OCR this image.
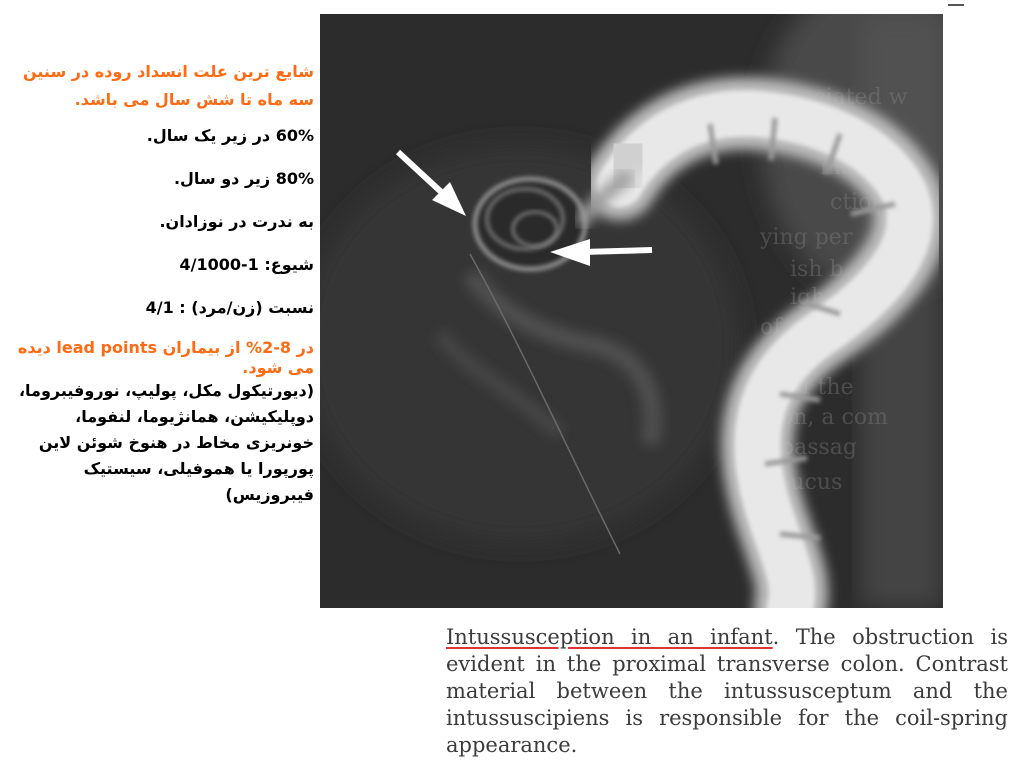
شایع ترین علت انسداد روده در سنین سه ماه تا شش سال می باشد.

60% در زیر یک سال.

80% زیر دو سال.

به ندرت در نوزادان.

شیوع: 1-4/1000

نسبت (زن/مرد) : 4/1

در 8-2% از بیماران lead points دیده می شود.

(دیورتیکول مکل، پولیپ، نوروفیبروما، دوپلیکیشن، همانژیوما، لنفوما، خونریزی مخاط در هنوخ شوئن لاین پورپورا یا هموفیلی، سیستیک فیبروزیس)

ociated w
diffe
mal e
ction
ying per
ish b
igher f
of symp
is the
ms of the
on, a com
e passag
y mucus
Intussusception in an infant. The obstruction is evident in the proximal transverse colon. Contrast material between the intussusceptum and the intussuscipiens is responsible for the coil-spring appearance.
